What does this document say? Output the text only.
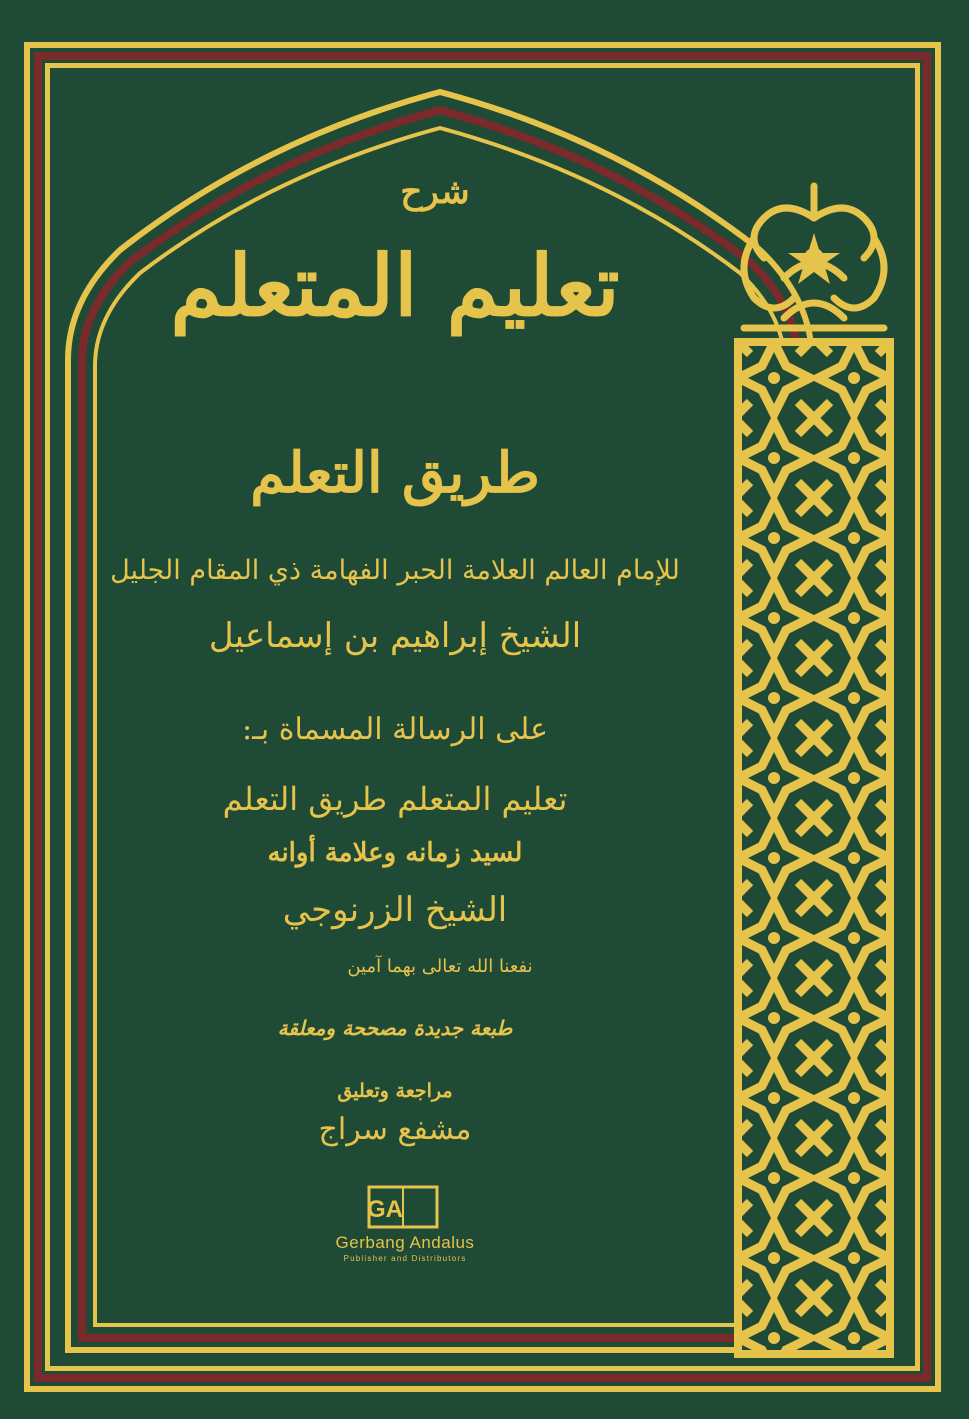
شرح
تعليم المتعلم
طريق التعلم
للإمام العالم العلامة الحبر الفهامة ذي المقام الجليل
الشيخ إبراهيم بن إسماعيل
على الرسالة المسماة بـ:
تعليم المتعلم طريق التعلم
لسيد زمانه وعلامة أوانه
الشيخ الزرنوجي
نفعنا الله تعالى بهما آمين
طبعة جديدة مصححة ومعلقة
مراجعة وتعليق
مشفع سراج
GA
Gerbang Andalus
Publisher and Distributors
